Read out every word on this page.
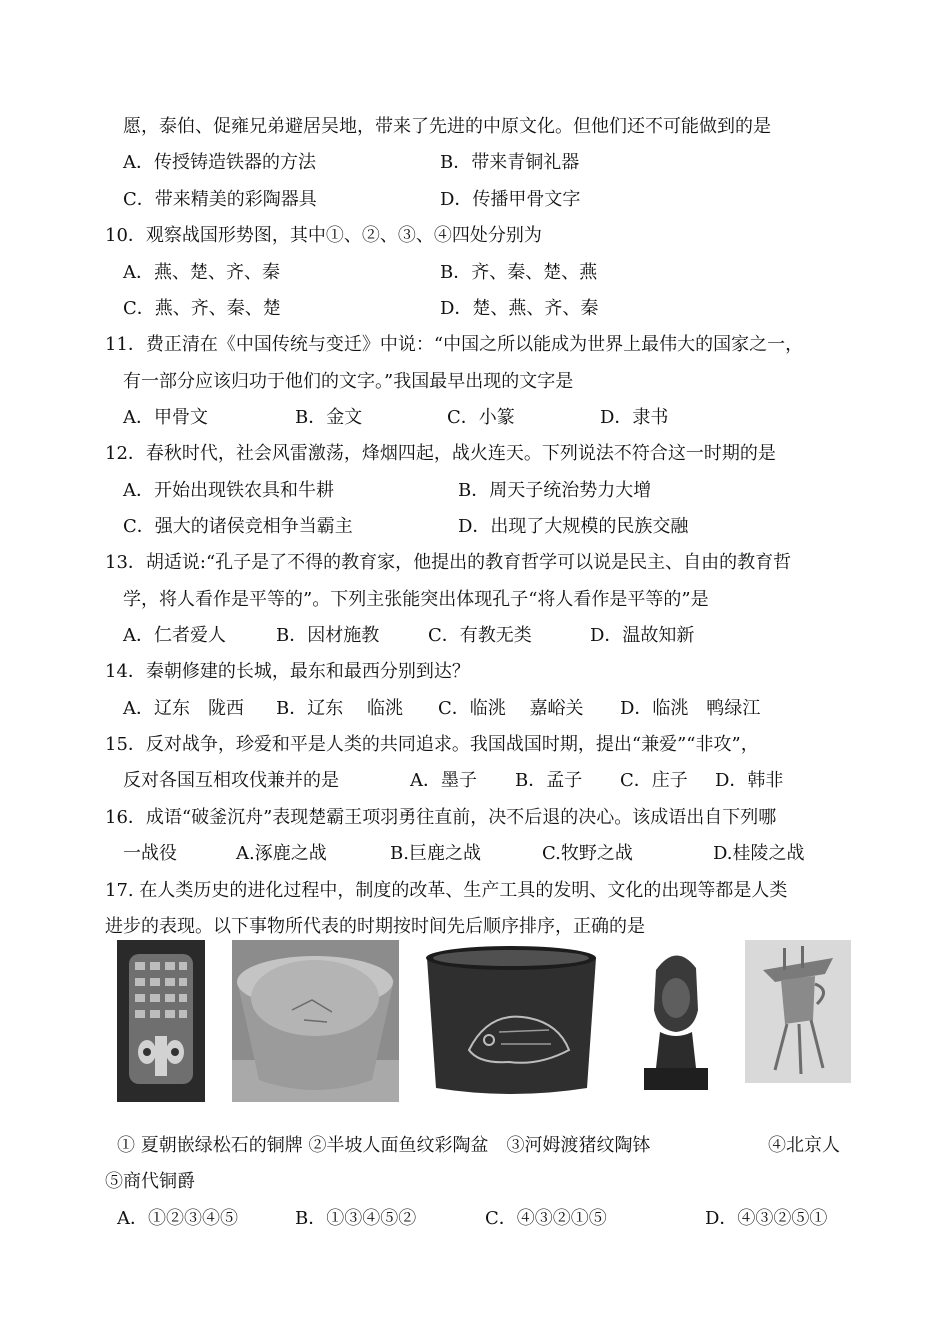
愿，泰伯、促雍兄弟避居吴地，带来了先进的中原文化。但他们还不可能做到的是
A．传授铸造铁器的方法	B．带来青铜礼器
C．带来精美的彩陶器具	D．传播甲骨文字
10．观察战国形势图，其中①、②、③、④四处分别为
A．燕、楚、齐、秦	B．齐、秦、楚、燕
C．燕、齐、秦、楚	D．楚、燕、齐、秦
11．费正清在《中国传统与变迁》中说：“中国之所以能成为世界上最伟大的国家之一，
有一部分应该归功于他们的文字。”我国最早出现的文字是
A．甲骨文	B．金文	C．小篆	D．隶书
12．春秋时代，社会风雷激荡，烽烟四起，战火连天。下列说法不符合这一时期的是
A．开始出现铁农具和牛耕	B．周天子统治势力大增
C．强大的诸侯竞相争当霸主	D．出现了大规模的民族交融
13．胡适说:“孔子是了不得的教育家，他提出的教育哲学可以说是民主、自由的教育哲
学，将人看作是平等的”。下列主张能突出体现孔子“将人看作是平等的”是
A．仁者爱人	B．因材施教	C．有教无类	D．温故知新
14．秦朝修建的长城，最东和最西分别到达？
A．辽东　陇西 B．辽东　 临洮 C．临洮　 嘉峪关 D．临洮　鸭绿江
15．反对战争，珍爱和平是人类的共同追求。我国战国时期，提出“兼爱”“非攻”，
反对各国互相攻伐兼并的是	A．墨子 B．孟子 C．庄子 D．韩非
16．成语“破釜沉舟”表现楚霸王项羽勇往直前，决不后退的决心。该成语出自下列哪
一战役	A.涿鹿之战	B.巨鹿之战	C.牧野之战	D.桂陵之战
17. 在人类历史的进化过程中，制度的改革、生产工具的发明、文化的出现等都是人类
进步的表现。以下事物所代表的时期按时间先后顺序排序，正确的是
① 夏朝嵌绿松石的铜牌 ②半坡人面鱼纹彩陶盆　③河姆渡猪纹陶钵	④北京人
⑤商代铜爵
A．①②③④⑤	B．①③④⑤②	C．④③②①⑤	D．④③②⑤①
